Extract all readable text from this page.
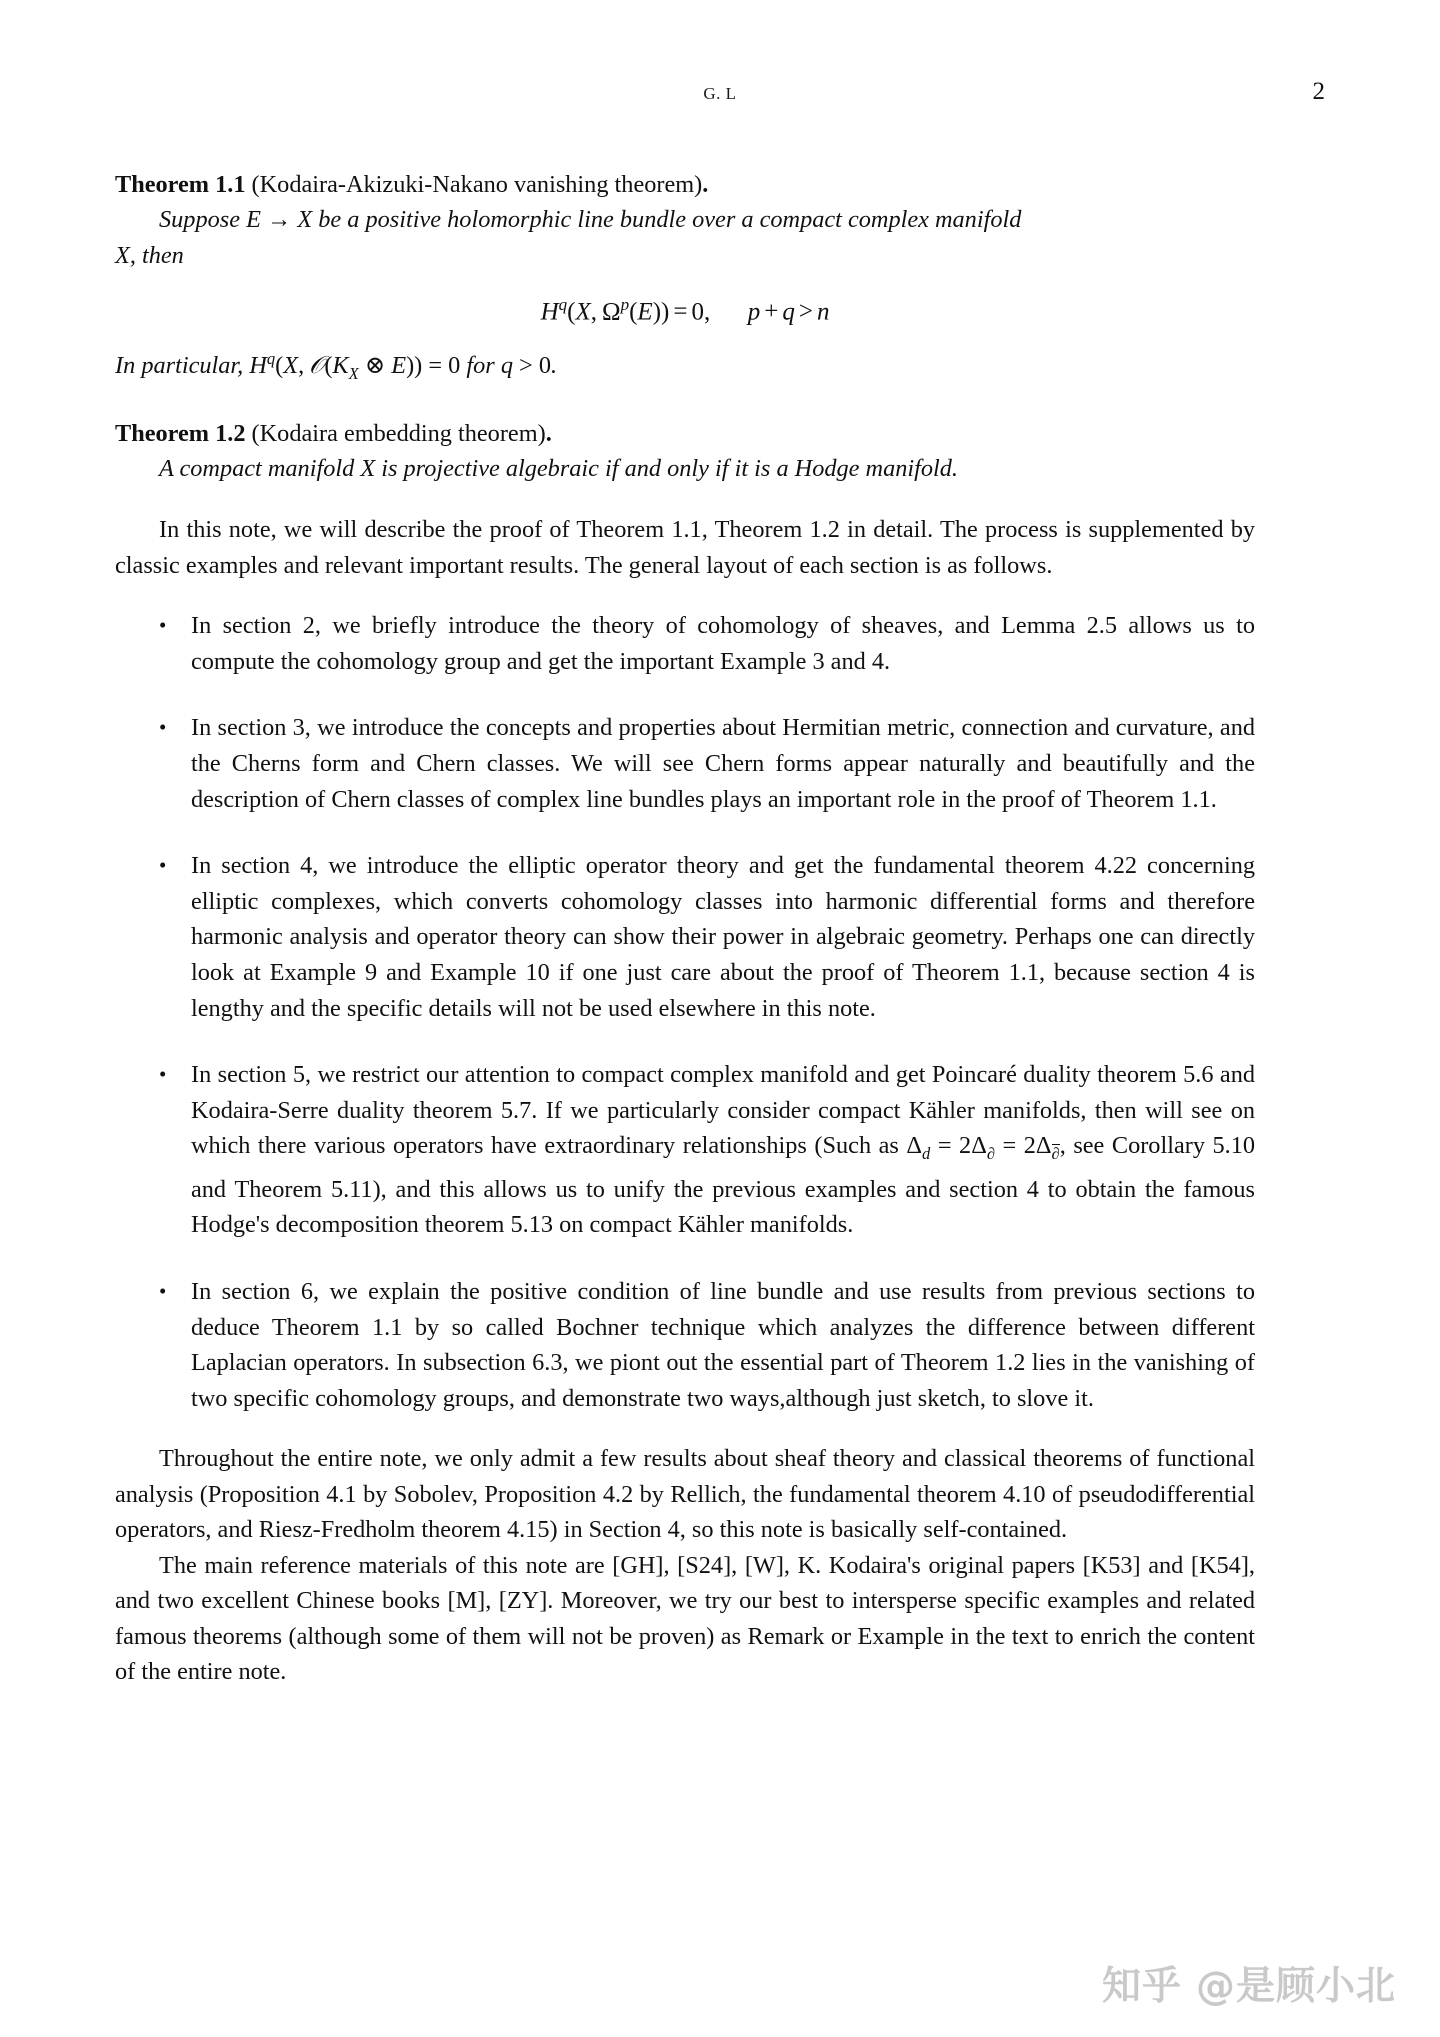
G. L	2

Theorem 1.1 (Kodaira-Akizuki-Nakano vanishing theorem).

Suppose E → X be a positive holomorphic line bundle over a compact complex manifold

X, then

$H^q(X$, $\Omega^p(E)) = 0$,   p + q > n

In particular, $H^q(X$, $𝒪(K_X$ ⊗ E)) = 0 for q > 0.

Theorem 1.2 (Kodaira embedding theorem).

A compact manifold X is projective algebraic if and only if it is a Hodge manifold.

In this note, we will describe the proof of Theorem 1.1, Theorem 1.2 in detail. The process is supplemented by classic examples and relevant important results. The general layout of each section is as follows.

• In section 2, we briefly introduce the theory of cohomology of sheaves, and Lemma 2.5 allows us to compute the cohomology group and get the important Example 3 and 4.
• In section 3, we introduce the concepts and properties about Hermitian metric, connection and curvature, and the Cherns form and Chern classes. We will see Chern forms appear naturally and beautifully and the description of Chern classes of complex line bundles plays an important role in the proof of Theorem 1.1.
• In section 4, we introduce the elliptic operator theory and get the fundamental theorem 4.22 concerning elliptic complexes, which converts cohomology classes into harmonic differential forms and therefore harmonic analysis and operator theory can show their power in algebraic geometry. Perhaps one can directly look at Example 9 and Example 10 if one just care about the proof of Theorem 1.1, because section 4 is lengthy and the specific details will not be used elsewhere in this note.
• In section 5, we restrict our attention to compact complex manifold and get Poincaré duality theorem 5.6 and Kodaira-Serre duality theorem 5.7. If we particularly consider compact Kähler manifolds, then will see on which there various operators have extraordinary relationships (Such as $\Delta_d = 2\Delta_\partial = 2\Delta_\partial$, see Corollary 5.10 and Theorem 5.11), and this allows us to unify the previous examples and section 4 to obtain the famous Hodge's decomposition theorem 5.13 on compact Kähler manifolds.
• In section 6, we explain the positive condition of line bundle and use results from previous sections to deduce Theorem 1.1 by so called Bochner technique which analyzes the difference between different Laplacian operators. In subsection 6.3, we piont out the essential part of Theorem 1.2 lies in the vanishing of two specific cohomology groups, and demonstrate two ways,although just sketch, to slove it.

Throughout the entire note, we only admit a few results about sheaf theory and classical theorems of functional analysis (Proposition 4.1 by Sobolev, Proposition 4.2 by Rellich, the fundamental theorem 4.10 of pseudodifferential operators, and Riesz-Fredholm theorem 4.15) in Section 4, so this note is basically self-contained.

The main reference materials of this note are [GH], [S24], [W], K. Kodaira's original papers [K53] and [K54], and two excellent Chinese books [M], [ZY]. Moreover, we try our best to intersperse specific examples and related famous theorems (although some of them will not be proven) as Remark or Example in the text to enrich the content of the entire note.

知乎 @是顾小北
